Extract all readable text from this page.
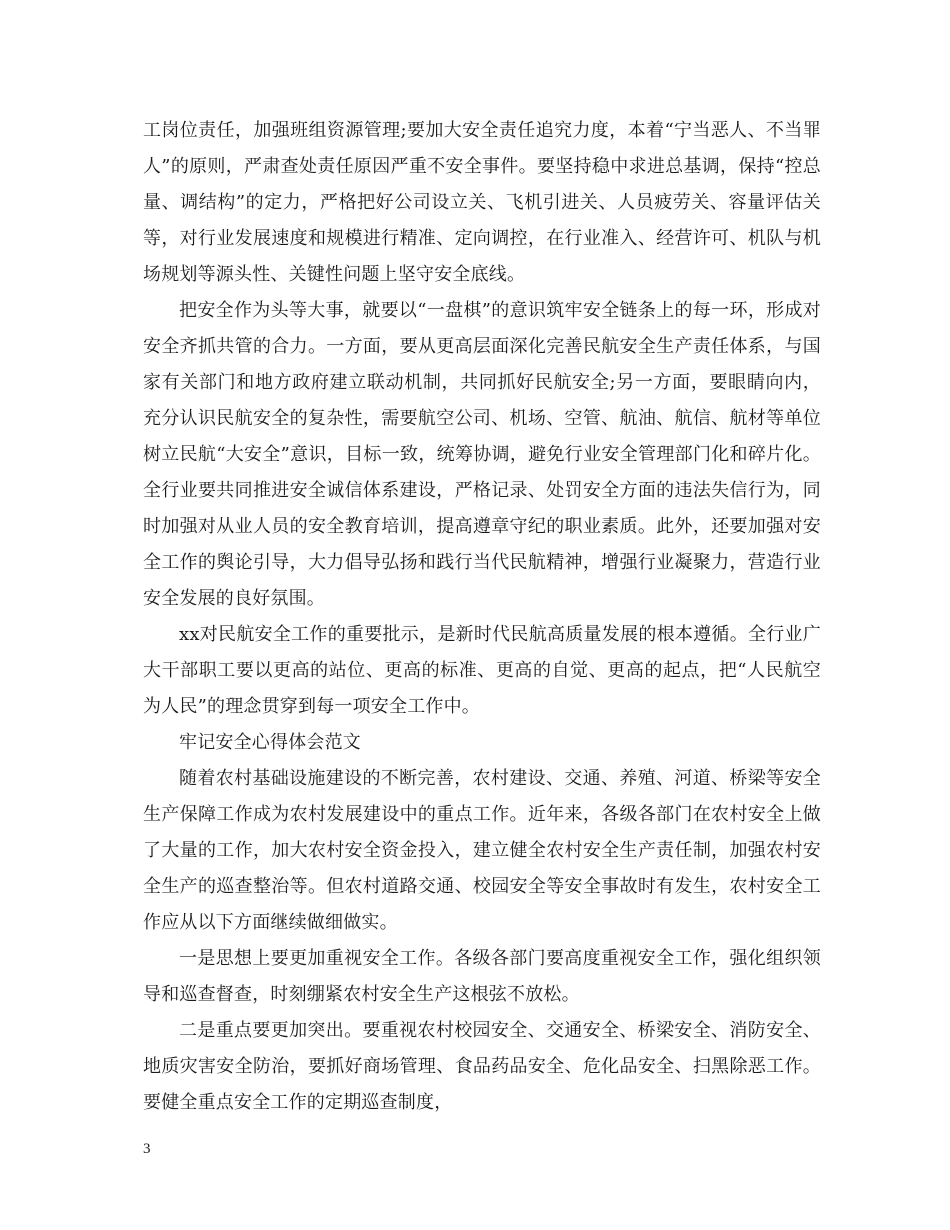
工岗位责任，加强班组资源管理;要加大安全责任追究力度，本着“宁当恶人、不当罪人”的原则，严肃查处责任原因严重不安全事件。要坚持稳中求进总基调，保持“控总量、调结构”的定力，严格把好公司设立关、飞机引进关、人员疲劳关、容量评估关等，对行业发展速度和规模进行精准、定向调控，在行业准入、经营许可、机队与机场规划等源头性、关键性问题上坚守安全底线。

把安全作为头等大事，就要以“一盘棋”的意识筑牢安全链条上的每一环，形成对安全齐抓共管的合力。一方面，要从更高层面深化完善民航安全生产责任体系，与国家有关部门和地方政府建立联动机制，共同抓好民航安全;另一方面，要眼睛向内，充分认识民航安全的复杂性，需要航空公司、机场、空管、航油、航信、航材等单位树立民航“大安全”意识，目标一致，统筹协调，避免行业安全管理部门化和碎片化。全行业要共同推进安全诚信体系建设，严格记录、处罚安全方面的违法失信行为，同时加强对从业人员的安全教育培训，提高遵章守纪的职业素质。此外，还要加强对安全工作的舆论引导，大力倡导弘扬和践行当代民航精神，增强行业凝聚力，营造行业安全发展的良好氛围。

xx对民航安全工作的重要批示，是新时代民航高质量发展的根本遵循。全行业广大干部职工要以更高的站位、更高的标准、更高的自觉、更高的起点，把“人民航空为人民”的理念贯穿到每一项安全工作中。

牢记安全心得体会范文

随着农村基础设施建设的不断完善，农村建设、交通、养殖、河道、桥梁等安全生产保障工作成为农村发展建设中的重点工作。近年来，各级各部门在农村安全上做了大量的工作，加大农村安全资金投入，建立健全农村安全生产责任制，加强农村安全生产的巡查整治等。但农村道路交通、校园安全等安全事故时有发生，农村安全工作应从以下方面继续做细做实。

一是思想上要更加重视安全工作。各级各部门要高度重视安全工作，强化组织领导和巡查督查，时刻绷紧农村安全生产这根弦不放松。

二是重点要更加突出。要重视农村校园安全、交通安全、桥梁安全、消防安全、地质灾害安全防治，要抓好商场管理、食品药品安全、危化品安全、扫黑除恶工作。要健全重点安全工作的定期巡查制度，

3
